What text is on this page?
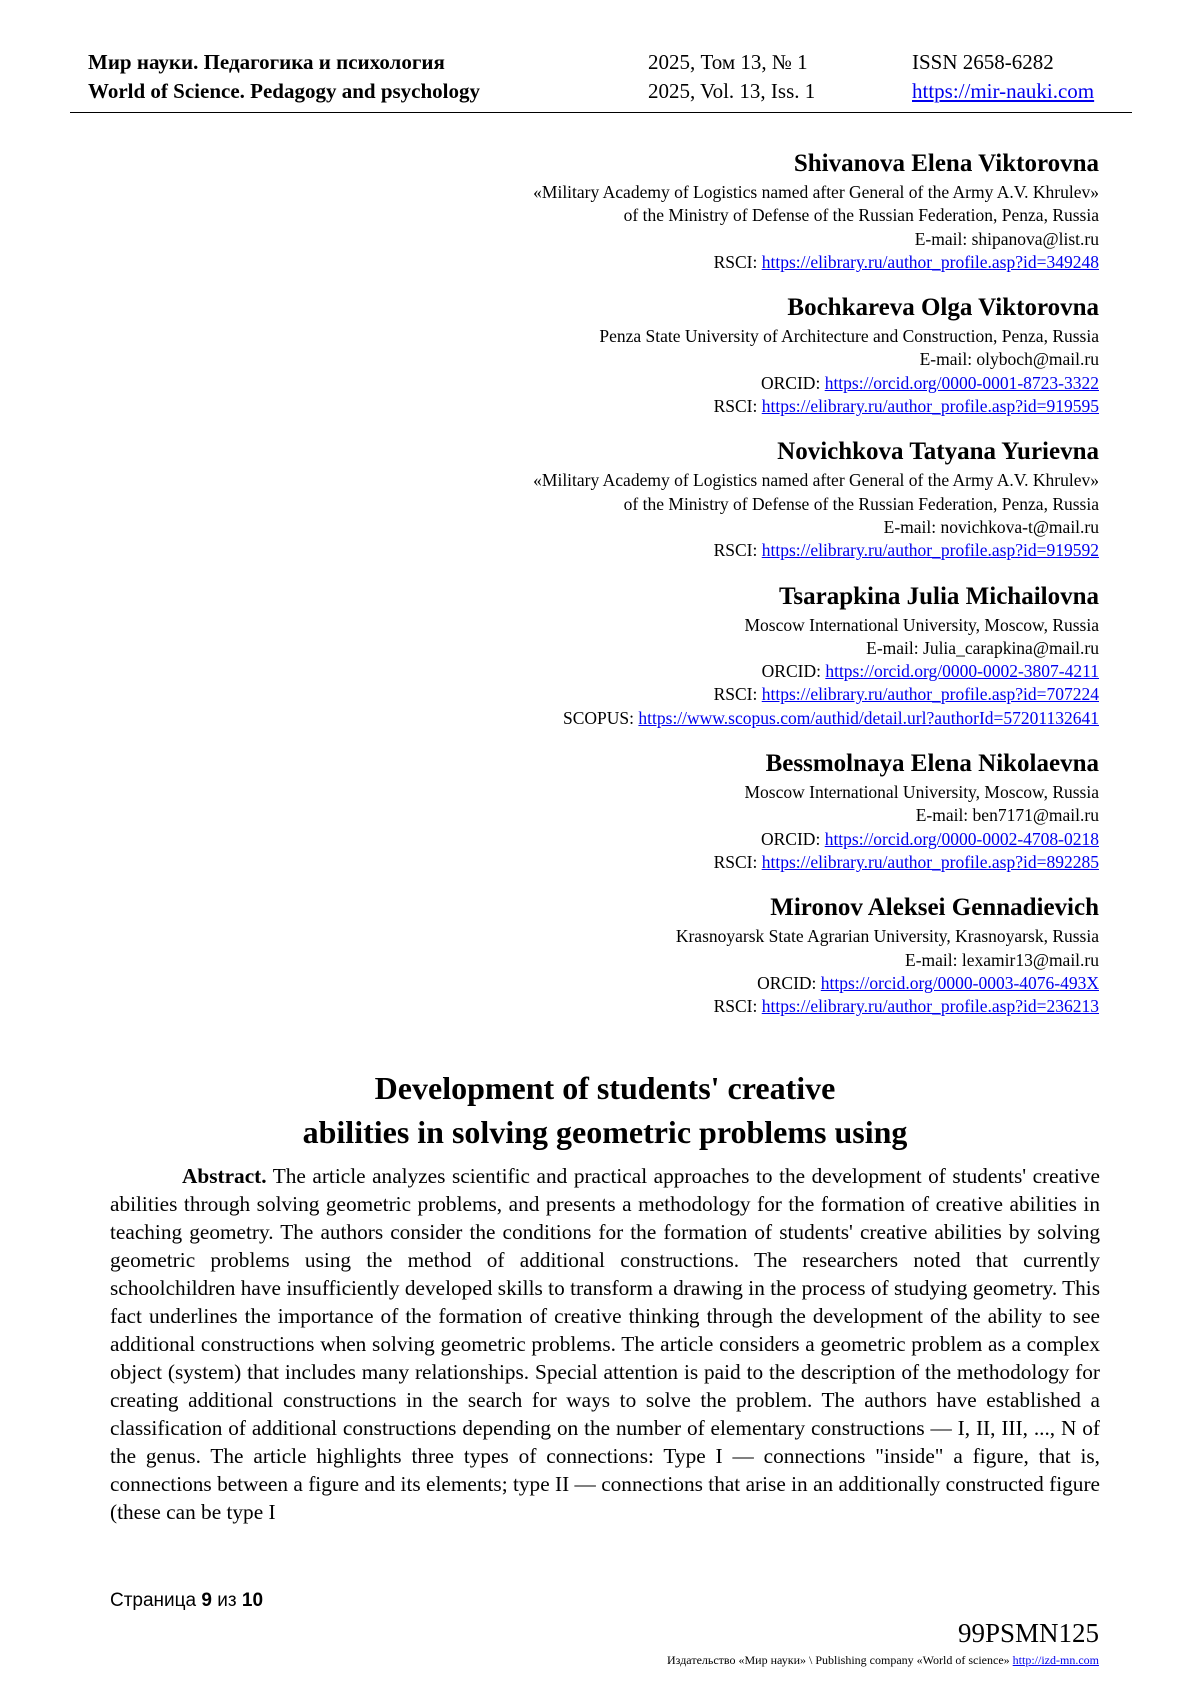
Мир науки. Педагогика и психология
World of Science. Pedagogy and psychology
2025, Том 13, № 1
2025, Vol. 13, Iss. 1
ISSN 2658-6282
https://mir-nauki.com
Shivanova Elena Viktorovna
«Military Academy of Logistics named after General of the Army A.V. Khrulev»
of the Ministry of Defense of the Russian Federation, Penza, Russia
E-mail: shipanova@list.ru
RSCI: https://elibrary.ru/author_profile.asp?id=349248
Bochkareva Olga Viktorovna
Penza State University of Architecture and Construction, Penza, Russia
E-mail: olyboch@mail.ru
ORCID: https://orcid.org/0000-0001-8723-3322
RSCI: https://elibrary.ru/author_profile.asp?id=919595
Novichkova Tatyana Yurievna
«Military Academy of Logistics named after General of the Army A.V. Khrulev»
of the Ministry of Defense of the Russian Federation, Penza, Russia
E-mail: novichkova-t@mail.ru
RSCI: https://elibrary.ru/author_profile.asp?id=919592
Tsarapkina Julia Michailovna
Moscow International University, Moscow, Russia
E-mail: Julia_carapkina@mail.ru
ORCID: https://orcid.org/0000-0002-3807-4211
RSCI: https://elibrary.ru/author_profile.asp?id=707224
SCOPUS: https://www.scopus.com/authid/detail.url?authorId=57201132641
Bessmolnaya Elena Nikolaevna
Moscow International University, Moscow, Russia
E-mail: ben7171@mail.ru
ORCID: https://orcid.org/0000-0002-4708-0218
RSCI: https://elibrary.ru/author_profile.asp?id=892285
Mironov Aleksei Gennadievich
Krasnoyarsk State Agrarian University, Krasnoyarsk, Russia
E-mail: lexamir13@mail.ru
ORCID: https://orcid.org/0000-0003-4076-493X
RSCI: https://elibrary.ru/author_profile.asp?id=236213
Development of students' creative
abilities in solving geometric problems using
Abstract. The article analyzes scientific and practical approaches to the development of students' creative abilities through solving geometric problems, and presents a methodology for the formation of creative abilities in teaching geometry. The authors consider the conditions for the formation of students' creative abilities by solving geometric problems using the method of additional constructions. The researchers noted that currently schoolchildren have insufficiently developed skills to transform a drawing in the process of studying geometry. This fact underlines the importance of the formation of creative thinking through the development of the ability to see additional constructions when solving geometric problems. The article considers a geometric problem as a complex object (system) that includes many relationships. Special attention is paid to the description of the methodology for creating additional constructions in the search for ways to solve the problem. The authors have established a classification of additional constructions depending on the number of elementary constructions — I, II, III, ..., N of the genus. The article highlights three types of connections: Type I — connections "inside" a figure, that is, connections between a figure and its elements; type II — connections that arise in an additionally constructed figure (these can be type I
Страница 9 из 10
99PSMN125
Издательство «Мир науки» \ Publishing company «World of science» http://izd-mn.com
